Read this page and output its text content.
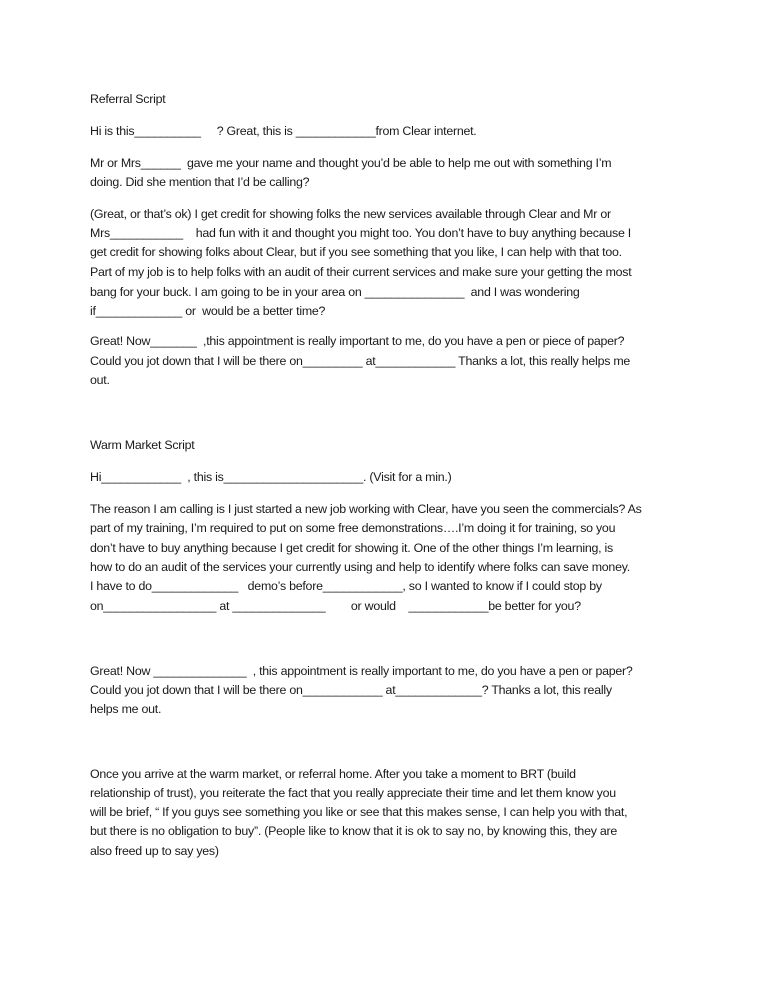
Referral Script
Hi is this__________     ? Great, this is ____________from Clear internet.
Mr or Mrs______  gave me your name and thought you’d be able to help me out with something I’m
doing. Did she mention that I’d be calling?
(Great, or that’s ok) I get credit for showing folks the new services available through Clear and Mr or
Mrs___________    had fun with it and thought you might too. You don’t have to buy anything because I
get credit for showing folks about Clear, but if you see something that you like, I can help with that too.
Part of my job is to help folks with an audit of their current services and make sure your getting the most
bang for your buck. I am going to be in your area on _______________  and I was wondering
if_____________ or  would be a better time?
Great! Now_______  ,this appointment is really important to me, do you have a pen or piece of paper?
Could you jot down that I will be there on_________ at____________ Thanks a lot, this really helps me
out.
Warm Market Script
Hi____________  , this is_____________________. (Visit for a min.)
The reason I am calling is I just started a new job working with Clear, have you seen the commercials? As
part of my training, I’m required to put on some free demonstrations….I’m doing it for training, so you
don’t have to buy anything because I get credit for showing it. One of the other things I’m learning, is
how to do an audit of the services your currently using and help to identify where folks can save money.
I have to do_____________   demo’s before____________, so I wanted to know if I could stop by
on_________________ at ______________        or would    ____________be better for you?
Great! Now ______________  , this appointment is really important to me, do you have a pen or paper?
Could you jot down that I will be there on____________ at_____________? Thanks a lot, this really
helps me out.
Once you arrive at the warm market, or referral home. After you take a moment to BRT (build
relationship of trust), you reiterate the fact that you really appreciate their time and let them know you
will be brief, “ If you guys see something you like or see that this makes sense, I can help you with that,
but there is no obligation to buy”. (People like to know that it is ok to say no, by knowing this, they are
also freed up to say yes)
